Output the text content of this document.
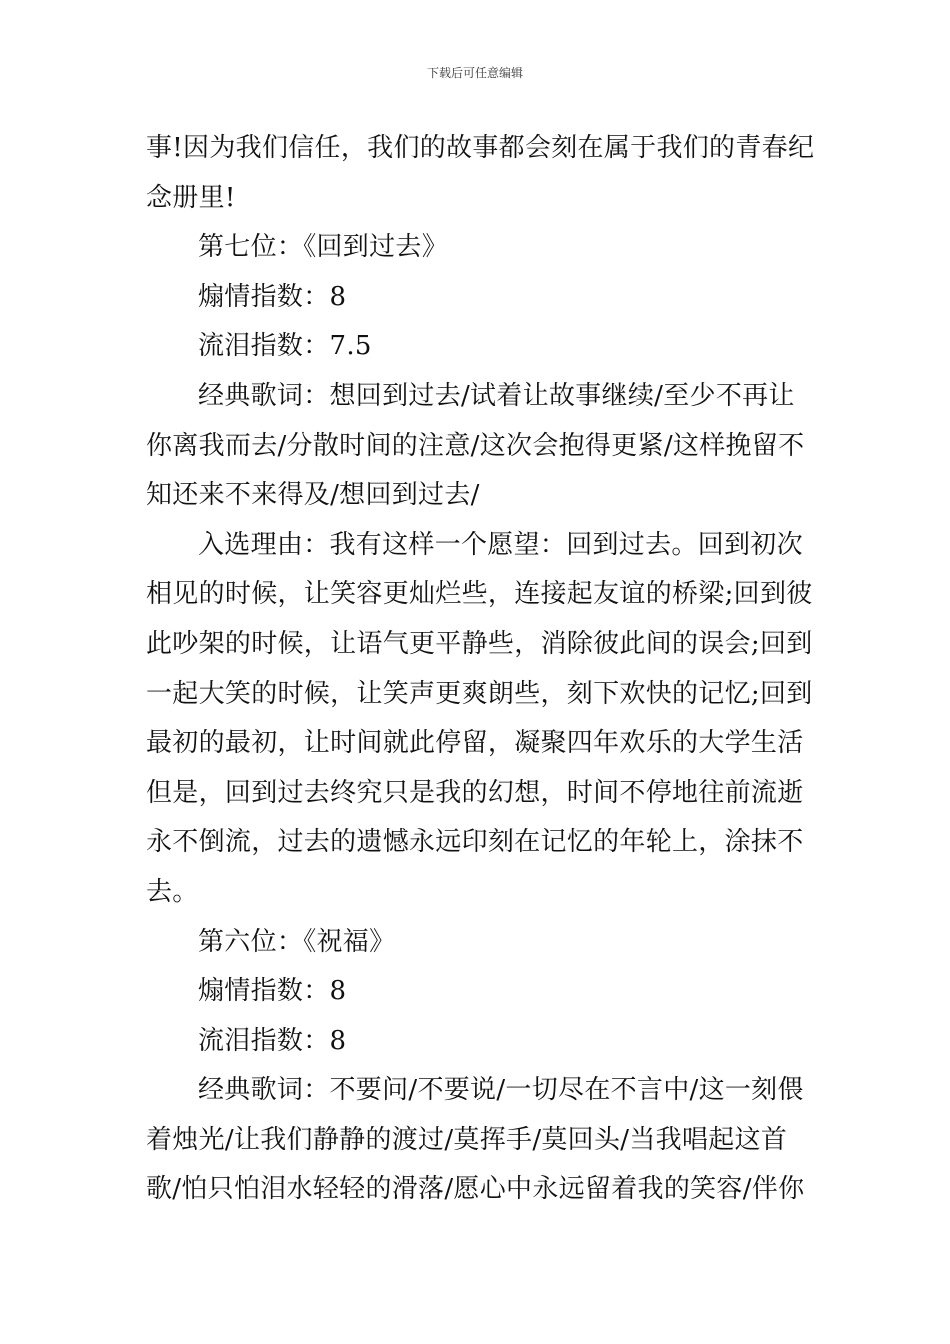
下载后可任意编辑
事!因为我们信任，我们的故事都会刻在属于我们的青春纪
念册里!
第七位：《回到过去》
煽情指数：8
流泪指数：7.5
经典歌词：想回到过去/试着让故事继续/至少不再让
你离我而去/分散时间的注意/这次会抱得更紧/这样挽留不
知还来不来得及/想回到过去/
入选理由：我有这样一个愿望：回到过去。回到初次
相见的时候，让笑容更灿烂些，连接起友谊的桥梁;回到彼
此吵架的时候，让语气更平静些，消除彼此间的误会;回到
一起大笑的时候，让笑声更爽朗些，刻下欢快的记忆;回到
最初的最初，让时间就此停留，凝聚四年欢乐的大学生活
但是，回到过去终究只是我的幻想，时间不停地往前流逝
永不倒流，过去的遗憾永远印刻在记忆的年轮上，涂抹不
去。
第六位：《祝福》
煽情指数：8
流泪指数：8
经典歌词：不要问/不要说/一切尽在不言中/这一刻偎
着烛光/让我们静静的渡过/莫挥手/莫回头/当我唱起这首
歌/怕只怕泪水轻轻的滑落/愿心中永远留着我的笑容/伴你
